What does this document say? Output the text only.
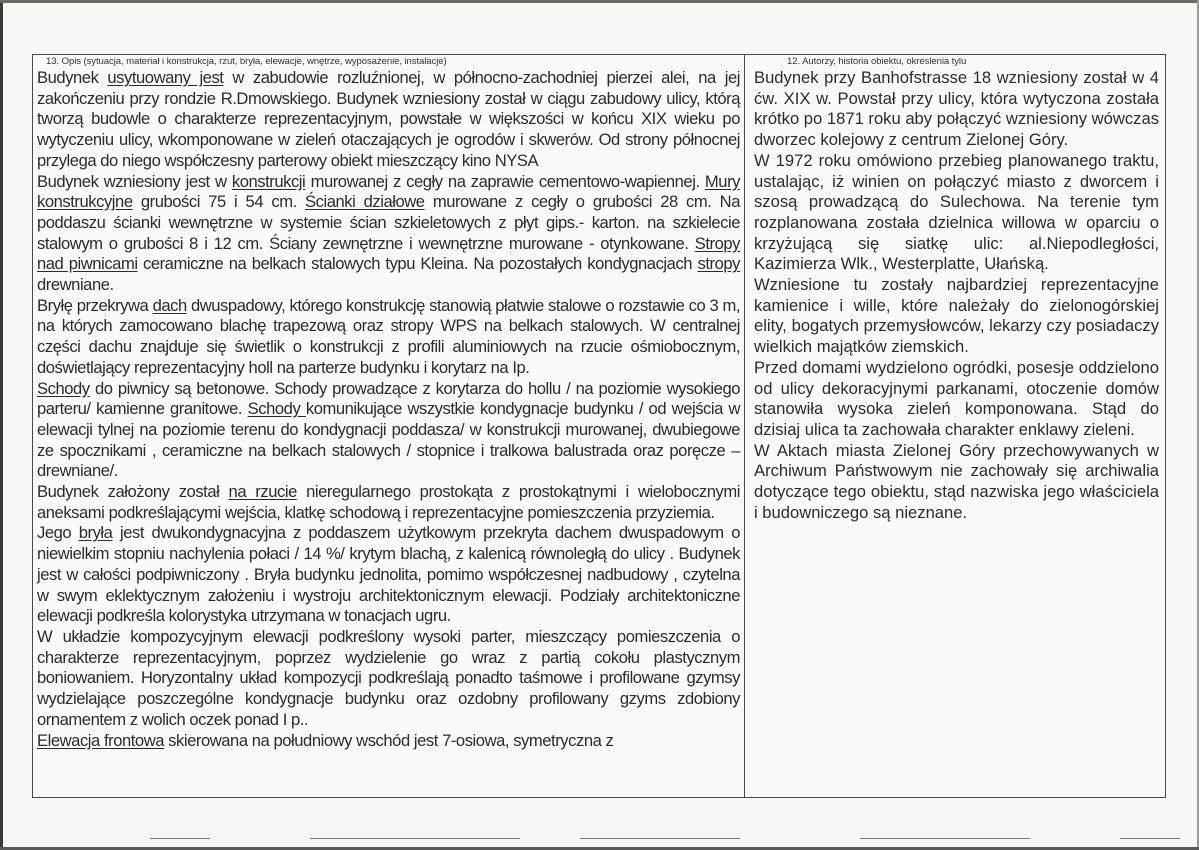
13. Opis (sytuacja, materiał i konstrukcja, rzut, bryła, elewacje, wnętrze, wyposażenie, instalacje)

Budynek usytuowany jest w zabudowie rozluźnionej, w północno-zachodniej pierzei alei, na jej zakończeniu przy rondzie R.Dmowskiego. Budynek wzniesiony został w ciągu zabudowy ulicy, którą tworzą budowle o charakterze reprezentacyjnym, powstałe w większości w końcu XIX wieku po wytyczeniu ulicy, wkomponowane w zieleń otaczających je ogrodów i skwerów. Od strony północnej przylega do niego współczesny parterowy obiekt mieszczący kino NYSA

Budynek wzniesiony jest w konstrukcji murowanej z cegły na zaprawie cementowo-wapiennej. Mury konstrukcyjne grubości 75 i 54 cm. Ścianki działowe murowane z cegły o grubości 28 cm. Na poddaszu ścianki wewnętrzne w systemie ścian szkieletowych z płyt gips.- karton. na szkielecie stalowym o grubości 8 i 12 cm. Ściany zewnętrzne i wewnętrzne murowane - otynkowane. Stropy nad piwnicami ceramiczne na belkach stalowych typu Kleina. Na pozostałych kondygnacjach stropy drewniane.

Bryłę przekrywa dach dwuspadowy, którego konstrukcję stanowią płatwie stalowe o rozstawie co 3 m, na których zamocowano blachę trapezową oraz stropy WPS na belkach stalowych. W centralnej części dachu znajduje się świetlik o konstrukcji z profili aluminiowych na rzucie ośmiobocznym, doświetlający reprezentacyjny holl na parterze budynku i korytarz na Ip.

Schody do piwnicy są betonowe. Schody prowadzące z korytarza do hollu / na poziomie wysokiego parteru/ kamienne granitowe. Schody komunikujące wszystkie kondygnacje budynku / od wejścia w elewacji tylnej na poziomie terenu do kondygnacji poddasza/ w konstrukcji murowanej, dwubiegowe ze spocznikami , ceramiczne na belkach stalowych / stopnice i tralkowa balustrada oraz poręcze – drewniane/.

Budynek założony został na rzucie nieregularnego prostokąta z prostokątnymi i wielobocznymi aneksami podkreślającymi wejścia, klatkę schodową i reprezentacyjne pomieszczenia przyziemia.

Jego bryła jest dwukondygnacyjna z poddaszem użytkowym przekryta dachem dwuspadowym o niewielkim stopniu nachylenia połaci / 14 %/ krytym blachą, z kalenicą równoległą do ulicy . Budynek jest w całości podpiwniczony . Bryła budynku jednolita, pomimo współczesnej nadbudowy , czytelna w swym eklektycznym założeniu i wystroju architektonicznym elewacji. Podziały architektoniczne elewacji podkreśla kolorystyka utrzymana w tonacjach ugru.

W układzie kompozycyjnym elewacji podkreślony wysoki parter, mieszczący pomieszczenia o charakterze reprezentacyjnym, poprzez wydzielenie go wraz z partią cokołu plastycznym boniowaniem. Horyzontalny układ kompozycji podkreślają ponadto taśmowe i profilowane gzymsy wydzielające poszczególne kondygnacje budynku oraz ozdobny profilowany gzyms zdobiony ornamentem z wolich oczek ponad I p..

Elewacja frontowa skierowana na południowy wschód jest 7-osiowa, symetryczna z

12. Autorzy, historia obiektu, okreslenia tylu

Budynek przy Banhofstrasse 18 wzniesiony został w 4 ćw. XIX w. Powstał przy ulicy, która wytyczona została krótko po 1871 roku aby połączyć wzniesiony wówczas dworzec kolejowy z centrum Zielonej Góry.

W 1972 roku omówiono przebieg planowanego traktu, ustalając, iż winien on połączyć miasto z dworcem i szosą prowadzącą do Sulechowa. Na terenie tym rozplanowana została dzielnica willowa w oparciu o krzyżującą się siatkę ulic: al.Niepodległości, Kazimierza Wlk., Westerplatte, Ułańską.

Wzniesione tu zostały najbardziej reprezentacyjne kamienice i wille, które należały do zielonogórskiej elity, bogatych przemysłowców, lekarzy czy posiadaczy wielkich majątków ziemskich.

Przed domami wydzielono ogródki, posesje oddzielono od ulicy dekoracyjnymi parkanami, otoczenie domów stanowiła wysoka zieleń komponowana. Stąd do dzisiaj ulica ta zachowała charakter enklawy zieleni.

W Aktach miasta Zielonej Góry przechowywanych w Archiwum Państwowym nie zachowały się archiwalia dotyczące tego obiektu, stąd nazwiska jego właściciela i budowniczego są nieznane.
